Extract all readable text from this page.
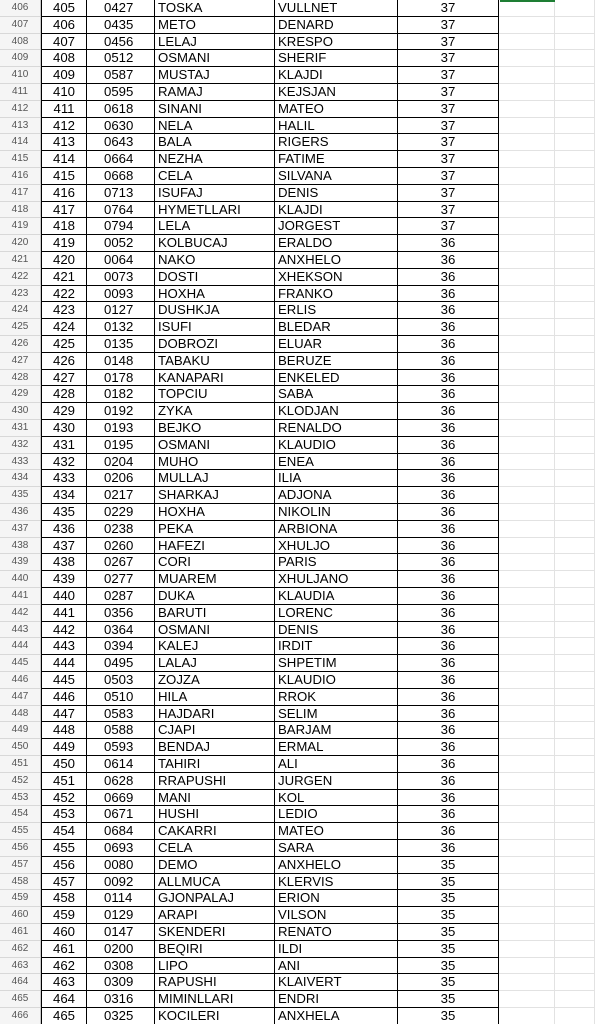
406	405	0427	TOSKA	VULLNET	37
407	406	0435	METO	DENARD	37
408	407	0456	LELAJ	KRESPO	37
409	408	0512	OSMANI	SHERIF	37
410	409	0587	MUSTAJ	KLAJDI	37
411	410	0595	RAMAJ	KEJSJAN	37
412	411	0618	SINANI	MATEO	37
413	412	0630	NELA	HALIL	37
414	413	0643	BALA	RIGERS	37
415	414	0664	NEZHA	FATIME	37
416	415	0668	CELA	SILVANA	37
417	416	0713	ISUFAJ	DENIS	37
418	417	0764	HYMETLLARI	KLAJDI	37
419	418	0794	LELA	JORGEST	37
420	419	0052	KOLBUCAJ	ERALDO	36
421	420	0064	NAKO	ANXHELO	36
422	421	0073	DOSTI	XHEKSON	36
423	422	0093	HOXHA	FRANKO	36
424	423	0127	DUSHKJA	ERLIS	36
425	424	0132	ISUFI	BLEDAR	36
426	425	0135	DOBROZI	ELUAR	36
427	426	0148	TABAKU	BERUZE	36
428	427	0178	KANAPARI	ENKELED	36
429	428	0182	TOPCIU	SABA	36
430	429	0192	ZYKA	KLODJAN	36
431	430	0193	BEJKO	RENALDO	36
432	431	0195	OSMANI	KLAUDIO	36
433	432	0204	MUHO	ENEA	36
434	433	0206	MULLAJ	ILIA	36
435	434	0217	SHARKAJ	ADJONA	36
436	435	0229	HOXHA	NIKOLIN	36
437	436	0238	PEKA	ARBIONA	36
438	437	0260	HAFEZI	XHULJO	36
439	438	0267	CORI	PARIS	36
440	439	0277	MUAREM	XHULJANO	36
441	440	0287	DUKA	KLAUDIA	36
442	441	0356	BARUTI	LORENC	36
443	442	0364	OSMANI	DENIS	36
444	443	0394	KALEJ	IRDIT	36
445	444	0495	LALAJ	SHPETIM	36
446	445	0503	ZOJZA	KLAUDIO	36
447	446	0510	HILA	RROK	36
448	447	0583	HAJDARI	SELIM	36
449	448	0588	CJAPI	BARJAM	36
450	449	0593	BENDAJ	ERMAL	36
451	450	0614	TAHIRI	ALI	36
452	451	0628	RRAPUSHI	JURGEN	36
453	452	0669	MANI	KOL	36
454	453	0671	HUSHI	LEDIO	36
455	454	0684	CAKARRI	MATEO	36
456	455	0693	CELA	SARA	36
457	456	0080	DEMO	ANXHELO	35
458	457	0092	ALLMUCA	KLERVIS	35
459	458	0114	GJONPALAJ	ERION	35
460	459	0129	ARAPI	VILSON	35
461	460	0147	SKENDERI	RENATO	35
462	461	0200	BEQIRI	ILDI	35
463	462	0308	LIPO	ANI	35
464	463	0309	RAPUSHI	KLAIVERT	35
465	464	0316	MIMINLLARI	ENDRI	35
466	465	0325	KOCILERI	ANXHELA	35
